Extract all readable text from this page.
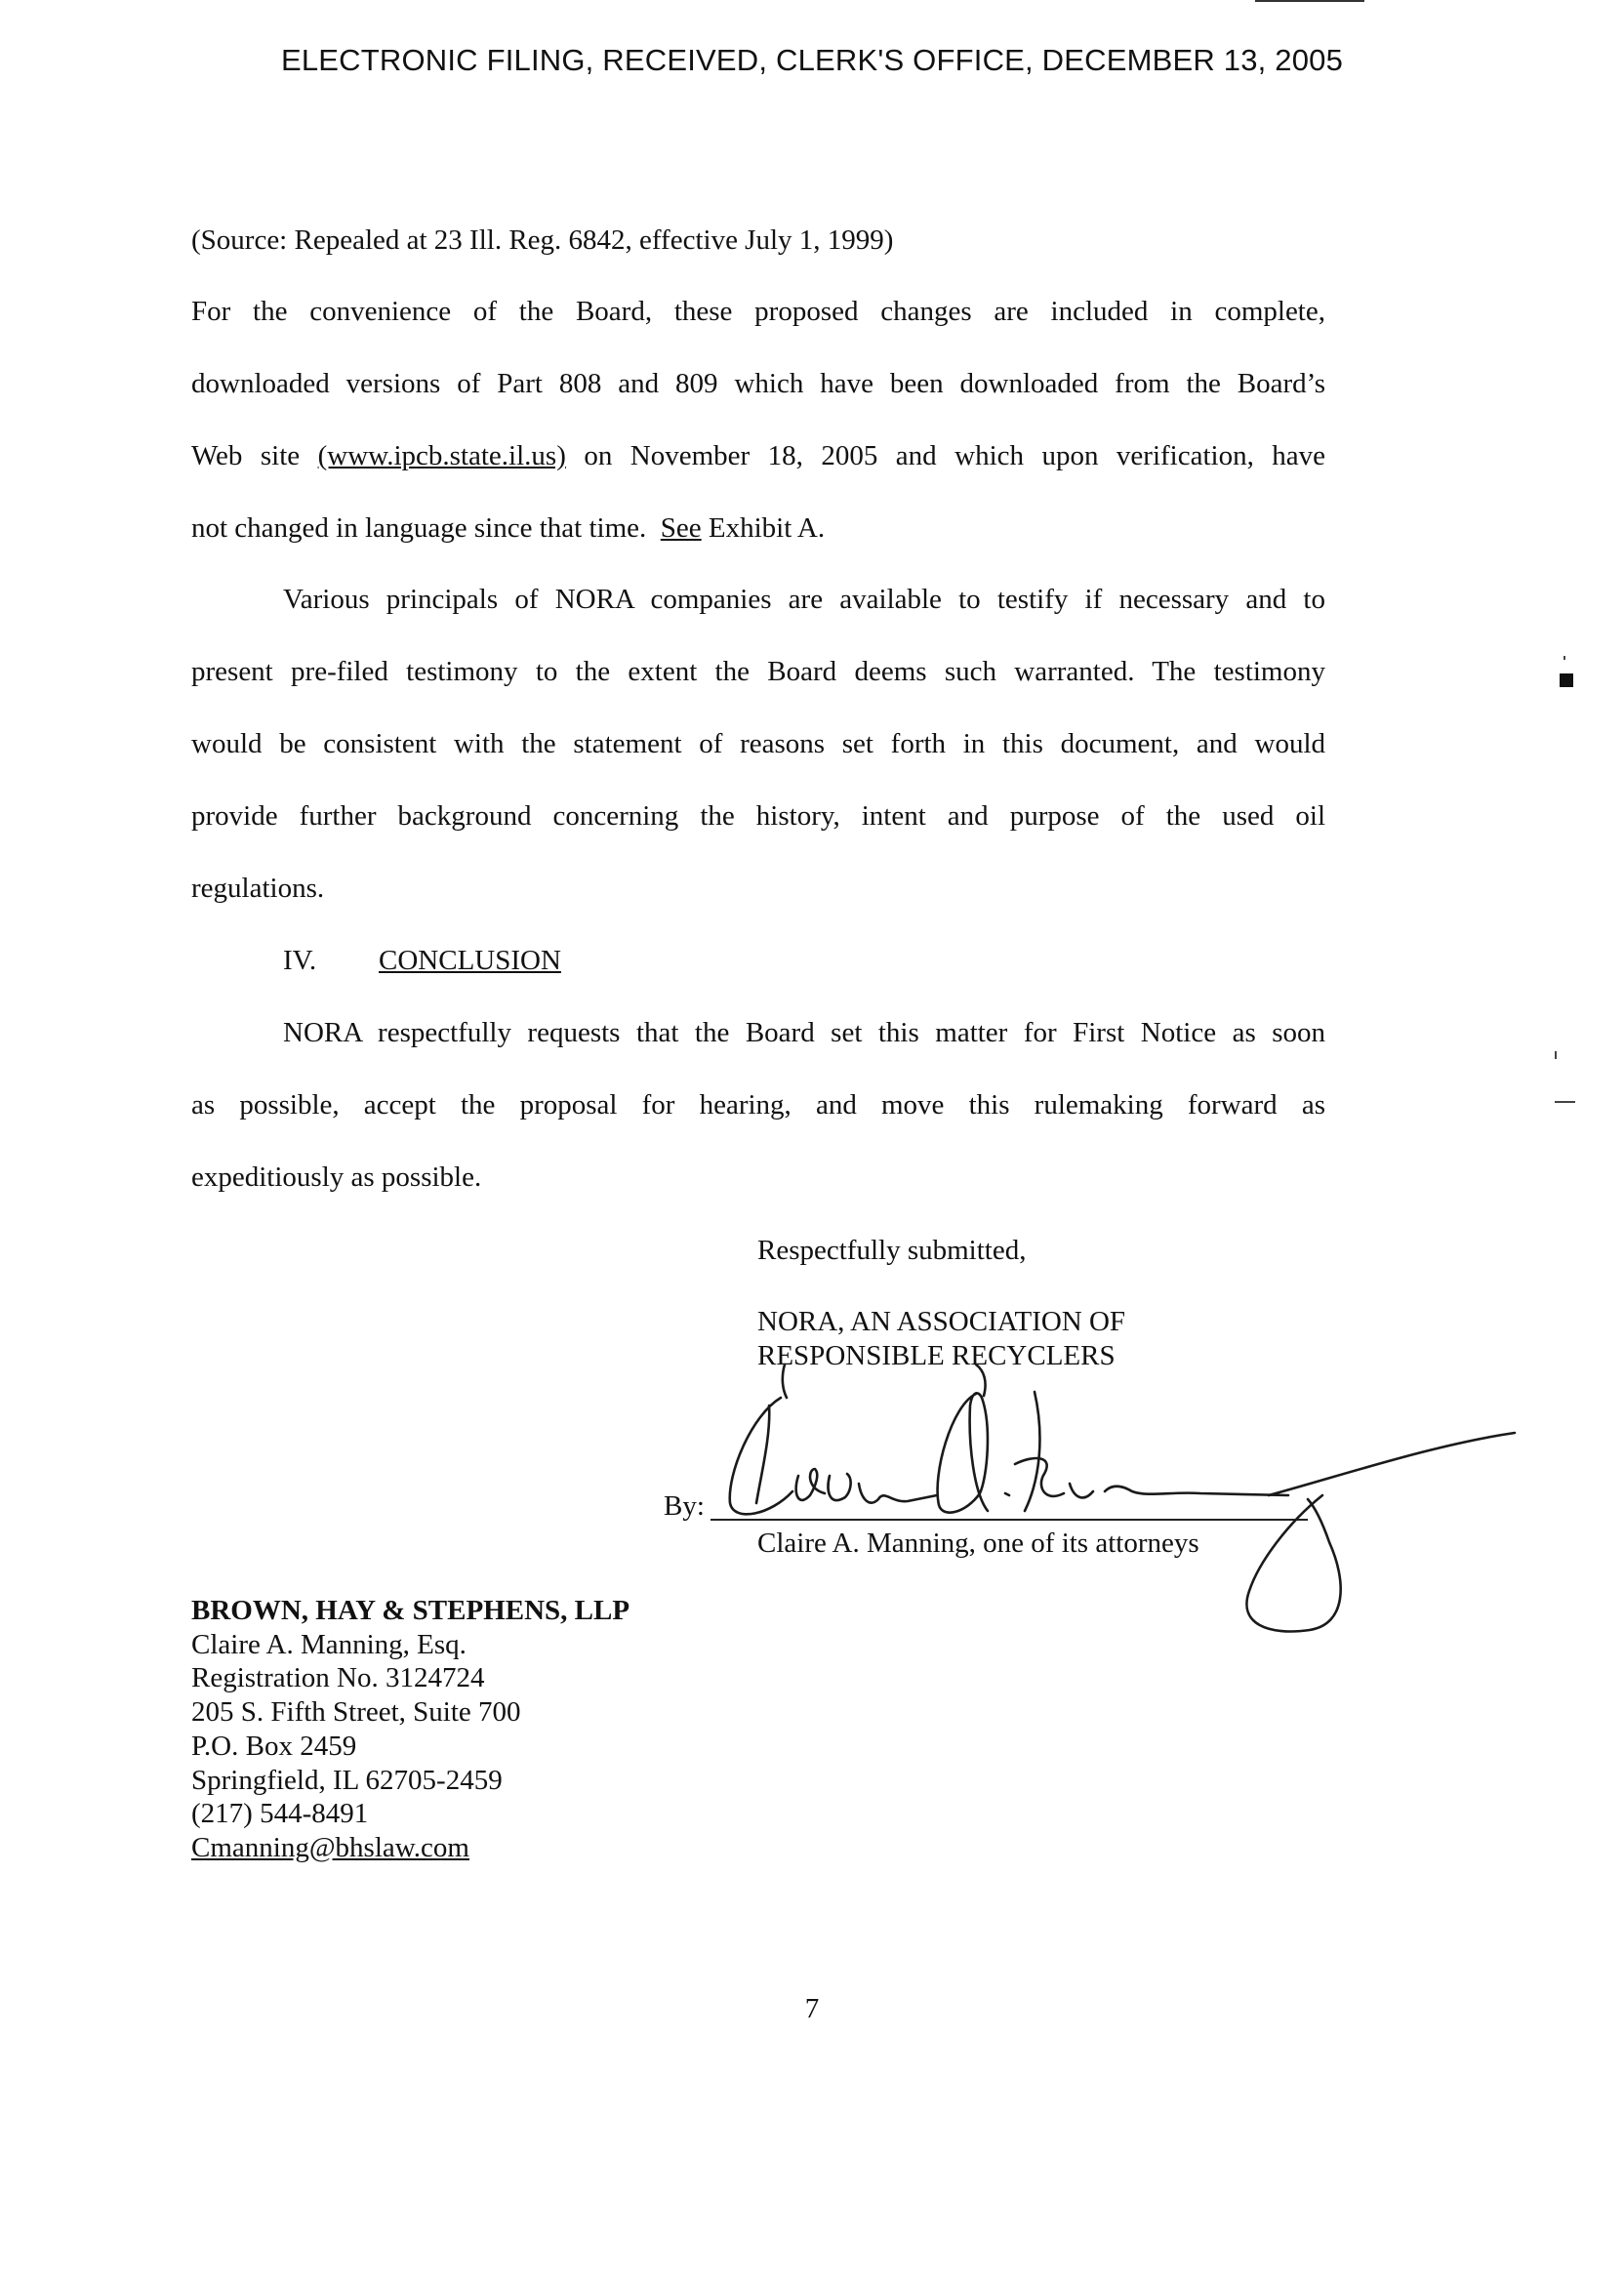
ELECTRONIC FILING, RECEIVED, CLERK'S OFFICE, DECEMBER 13, 2005
(Source: Repealed at 23 Ill. Reg. 6842, effective July 1, 1999)
For the convenience of the Board, these proposed changes are included in complete,
downloaded versions of Part 808 and 809 which have been downloaded from the Board’s
Web site (www.ipcb.state.il.us) on November 18, 2005 and which upon verification, have
not changed in language since that time. See Exhibit A.
Various principals of NORA companies are available to testify if necessary and to
present pre-filed testimony to the extent the Board deems such warranted. The testimony
would be consistent with the statement of reasons set forth in this document, and would
provide further background concerning the history, intent and purpose of the used oil
regulations.
IV. CONCLUSION
NORA respectfully requests that the Board set this matter for First Notice as soon
as possible, accept the proposal for hearing, and move this rulemaking forward as
expeditiously as possible.
Respectfully submitted,
NORA, AN ASSOCIATION OF
RESPONSIBLE RECYCLERS
By:
Claire A. Manning, one of its attorneys
BROWN, HAY & STEPHENS, LLP
Claire A. Manning, Esq.
Registration No. 3124724
205 S. Fifth Street, Suite 700
P.O. Box 2459
Springfield, IL 62705-2459
(217) 544-8491
Cmanning@bhslaw.com
7
